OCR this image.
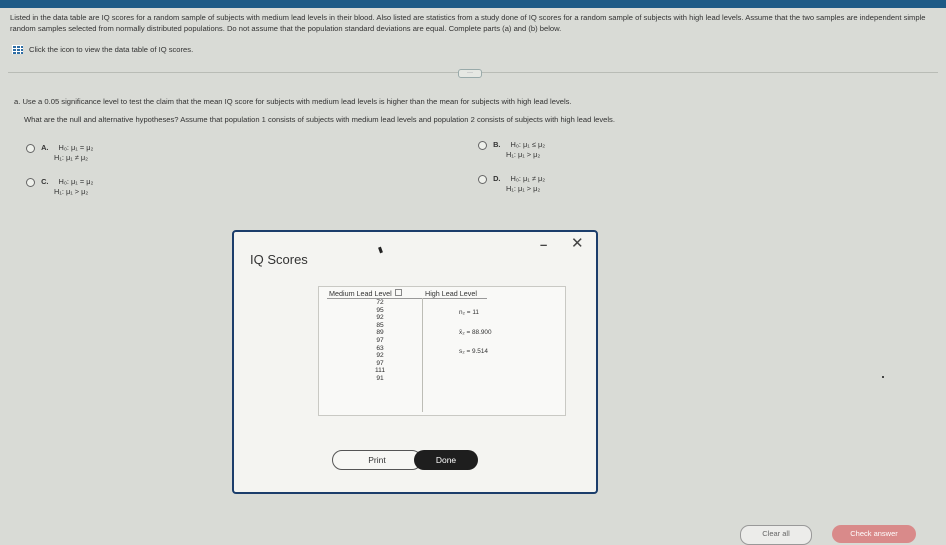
Listed in the data table are IQ scores for a random sample of subjects with medium lead levels in their blood. Also listed are statistics from a study done of IQ scores for a random sample of subjects with high lead levels. Assume that the two samples are independent simple random samples selected from normally distributed populations. Do not assume that the population standard deviations are equal. Complete parts (a) and (b) below.
Click the icon to view the data table of IQ scores.
···
a. Use a 0.05 significance level to test the claim that the mean IQ score for subjects with medium lead levels is higher than the mean for subjects with high lead levels.
What are the null and alternative hypotheses? Assume that population 1 consists of subjects with medium lead levels and population 2 consists of subjects with high lead levels.
A. H₀: μ₁ = μ₂
H₁: μ₁ ≠ μ₂
B. H₀: μ₁ ≤ μ₂
H₁: μ₁ > μ₂
C. H₀: μ₁ = μ₂
H₁: μ₁ > μ₂
D. H₀: μ₁ ≠ μ₂
H₁: μ₁ > μ₂
– ✕
IQ Scores
Medium Lead Level	High Lead Level
72
95
92
85
89
97
63
92
97
111
91
n₂ = 11
x̄₂ = 88.900
s₂ = 9.514
Print	Done
Clear all	Check answer
